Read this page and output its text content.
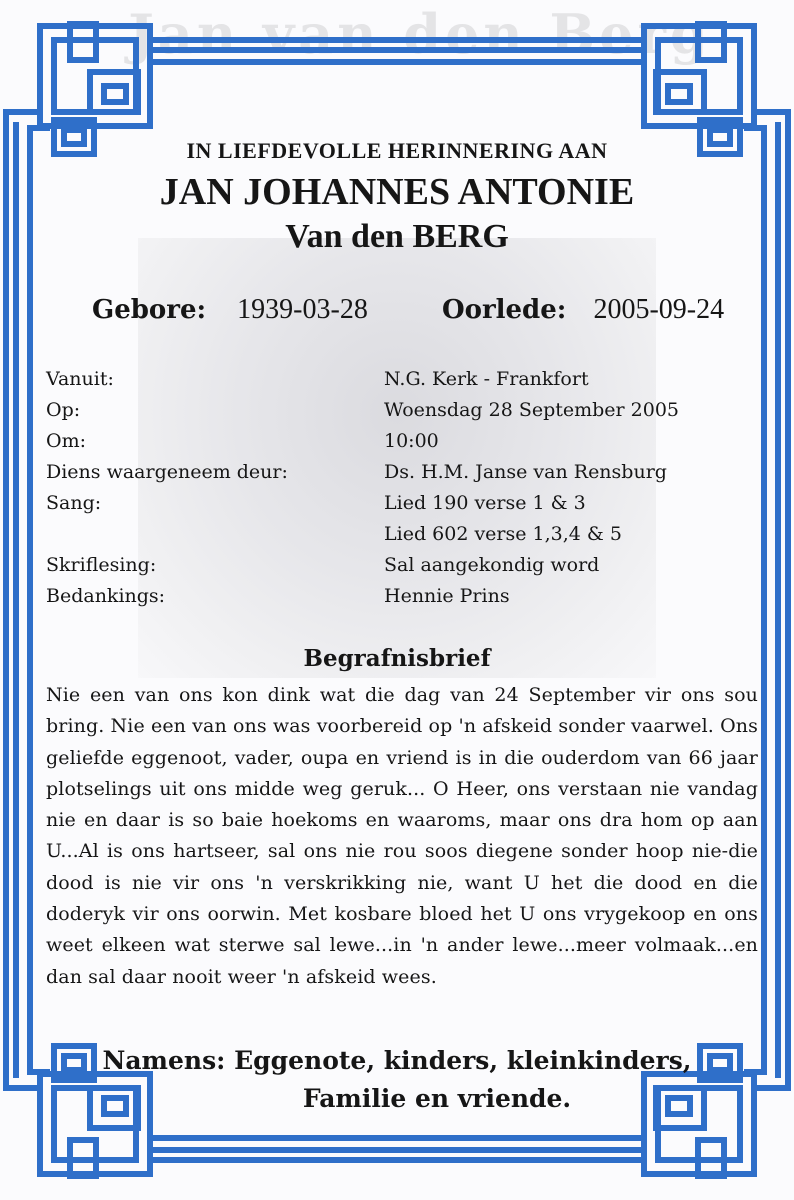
Jan van den Berg
IN LIEFDEVOLLE HERINNERING AAN
JAN JOHANNES ANTONIE
Van den BERG
Gebore: 1939-03-28	Oorlede: 2005-09-24
Vanuit:	N.G. Kerk - Frankfort
Op:	Woensdag 28 September 2005
Om:	10:00
Diens waargeneem deur:	Ds. H.M. Janse van Rensburg
Sang:	Lied 190 verse 1 & 3
Lied 602 verse 1,3,4 & 5
Skriflesing:	Sal aangekondig word
Bedankings:	Hennie Prins
Begrafnisbrief
Nie een van ons kon dink wat die dag van 24 September vir ons sou bring. Nie een van ons was voorbereid op 'n afskeid sonder vaarwel. Ons geliefde eggenoot, vader, oupa en vriend is in die ouderdom van 66 jaar plotselings uit ons midde weg geruk... O Heer, ons verstaan nie vandag nie en daar is so baie hoekoms en waaroms, maar ons dra hom op aan U...Al is ons hartseer, sal ons nie rou soos diegene sonder hoop nie-die dood is nie vir ons 'n verskrikking nie, want U het die dood en die doderyk vir ons oorwin. Met kosbare bloed het U ons vrygekoop en ons weet elkeen wat sterwe sal lewe...in 'n ander lewe...meer volmaak...en dan sal daar nooit weer 'n afskeid wees.
Namens: Eggenote, kinders, kleinkinders,
Familie en vriende.
